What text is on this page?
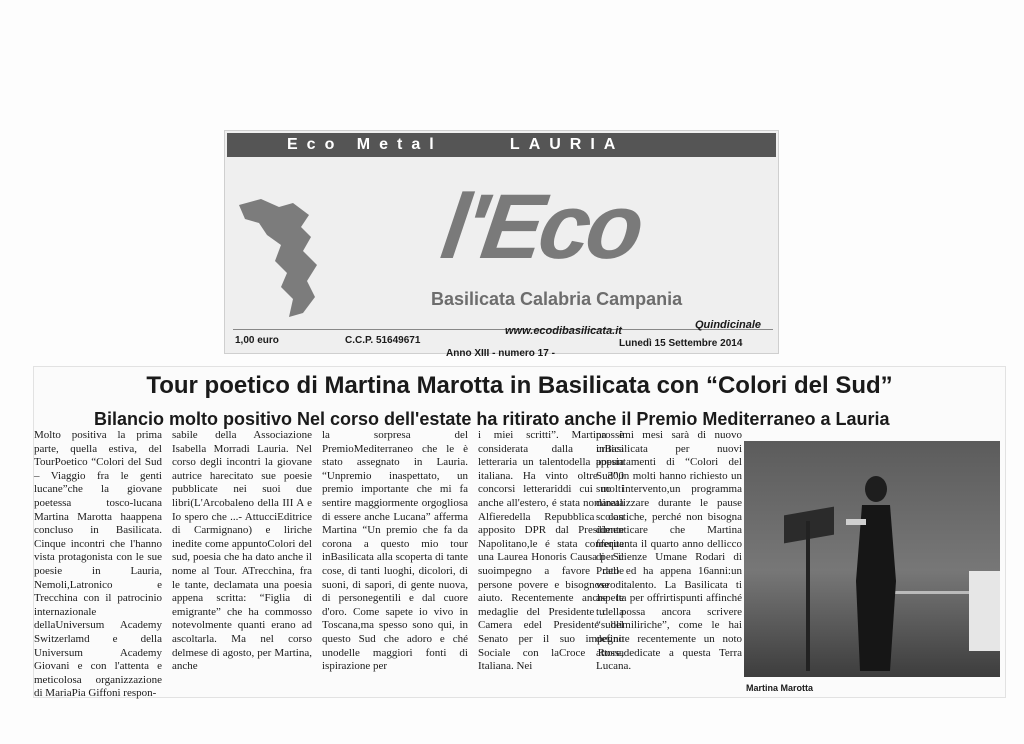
Eco Metal     LAURIA
l'Eco
Basilicata Calabria Campania
1,00 euro	C.C.P. 51649671
www.ecodibasilicata.it	Quindicinale
Anno XIII - numero 17 -
Lunedì 15 Settembre 2014
Tour poetico di Martina Marotta in Basilicata con “Colori del Sud”
Bilancio molto positivo Nel corso dell'estate ha ritirato anche il Premio Mediterraneo a Lauria
Molto positiva la prima parte, quella estiva, del TourPoetico “Colori del Sud – Viaggio fra le genti lucane”che la giovane poetessa tosco-lucana Martina Marotta haappena concluso in Basilicata. Cinque incontri che l'hanno vista protagonista con le sue poesie in Lauria, Nemoli,Latronico e Trecchina con il patrocinio internazionale dellaUniversum Academy Switzerlamd e della Universum Academy Giovani e con l'attenta e meticolosa organizzazione di MariaPia Giffoni respon-
sabile della Associazione Isabella Morradi Lauria. Nel corso degli incontri la giovane autrice harecitato sue poesie pubblicate nei suoi due libri(L'Arcobaleno della III A e Io spero che ...- AttucciEditrice di Carmignano) e liriche inedite come appuntoColori del sud, poesia che ha dato anche il nome al Tour. ATrecchina, fra le tante, declamata una poesia appena scritta: “Figlia di emigrante” che ha commosso notevolmente quanti erano ad ascoltarla. Ma nel corso delmese di agosto, per Martina, anche
la sorpresa del PremioMediterraneo che le è stato assegnato in Lauria. “Unpremio inaspettato, un premio importante che mi fa sentire maggiormente orgogliosa di essere anche Lucana” afferma Martina “Un premio che fa da corona a questo mio tour inBasilicata alla scoperta di tante cose, di tanti luoghi, dicolori, di suoni, di sapori, di gente nuova, di personegentili e dal cuore d'oro. Come sapete io vivo in Toscana,ma spesso sono qui, in questo Sud che adoro e ché unodelle maggiori fonti di ispirazione per
i miei scritti”. Martina è considerata dalla critica letteraria un talentodella poesia italiana. Ha vinto oltre 300 concorsi letterariddi cui molti anche all'estero, é stata nominata Alfieredella Repubblica con apposito DPR dal Presidente Napolitano,le é stata conferita una Laurea Honoris Causa per il suoimpegno a favore delle persone povere e bisognose di aiuto. Recentemente anche le medaglie del Presidente della Camera edel Presidente del Senato per il suo impegno Sociale con laCroce Rossa Italiana. Nei
prossimi mesi sarà di nuovo inBasilicata per nuovi appuntamenti di “Colori del Sud”,in molti hanno richiesto un suo intervento,un programma darealizzare durante le pause scolastiche, perché non bisogna dimenticare che Martina frequenta il quarto anno dellicco di Scienze Umane Rodari di Prato ed ha appena 16anni:un vero talento. La Basilicata ti aspetta per offrirtispunti affinché tu possa ancora scrivere “sublimiliriche”, come le hai definite recentemente un noto attore,dedicate a questa Terra Lucana.
Martina Marotta
